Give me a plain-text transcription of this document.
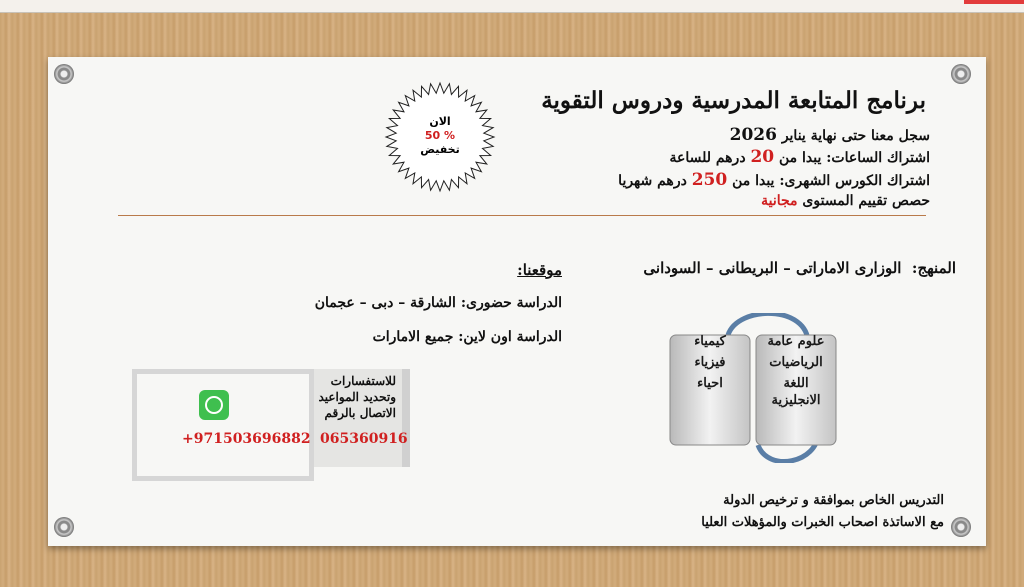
برنامج المتابعة المدرسية ودروس التقوية
سجل معنا حتى نهاية يناير 2026
اشتراك الساعات: يبدا من 20 درهم للساعة
اشتراك الكورس الشهرى: يبدا من 250 درهم شهريا
حصص تقييم المستوى مجانية
الان
50 %
تخفيض
المنهج:  الوزارى الاماراتى – البريطانى – السودانى
موقعنا:
الدراسة حضورى: الشارقة – دبى – عجمان
الدراسة اون لاين: جميع الامارات	علوم عامة
الرياضيات
اللغة
الانجليزية
كيمياء
فيزياء
احياء
للاستفسارات
وتحديد المواعيد
الاتصال بالرقم
065360916
+971503696882
التدريس الخاص بموافقة و ترخيص الدولة
مع الاساتذة اصحاب الخبرات والمؤهلات العليا
